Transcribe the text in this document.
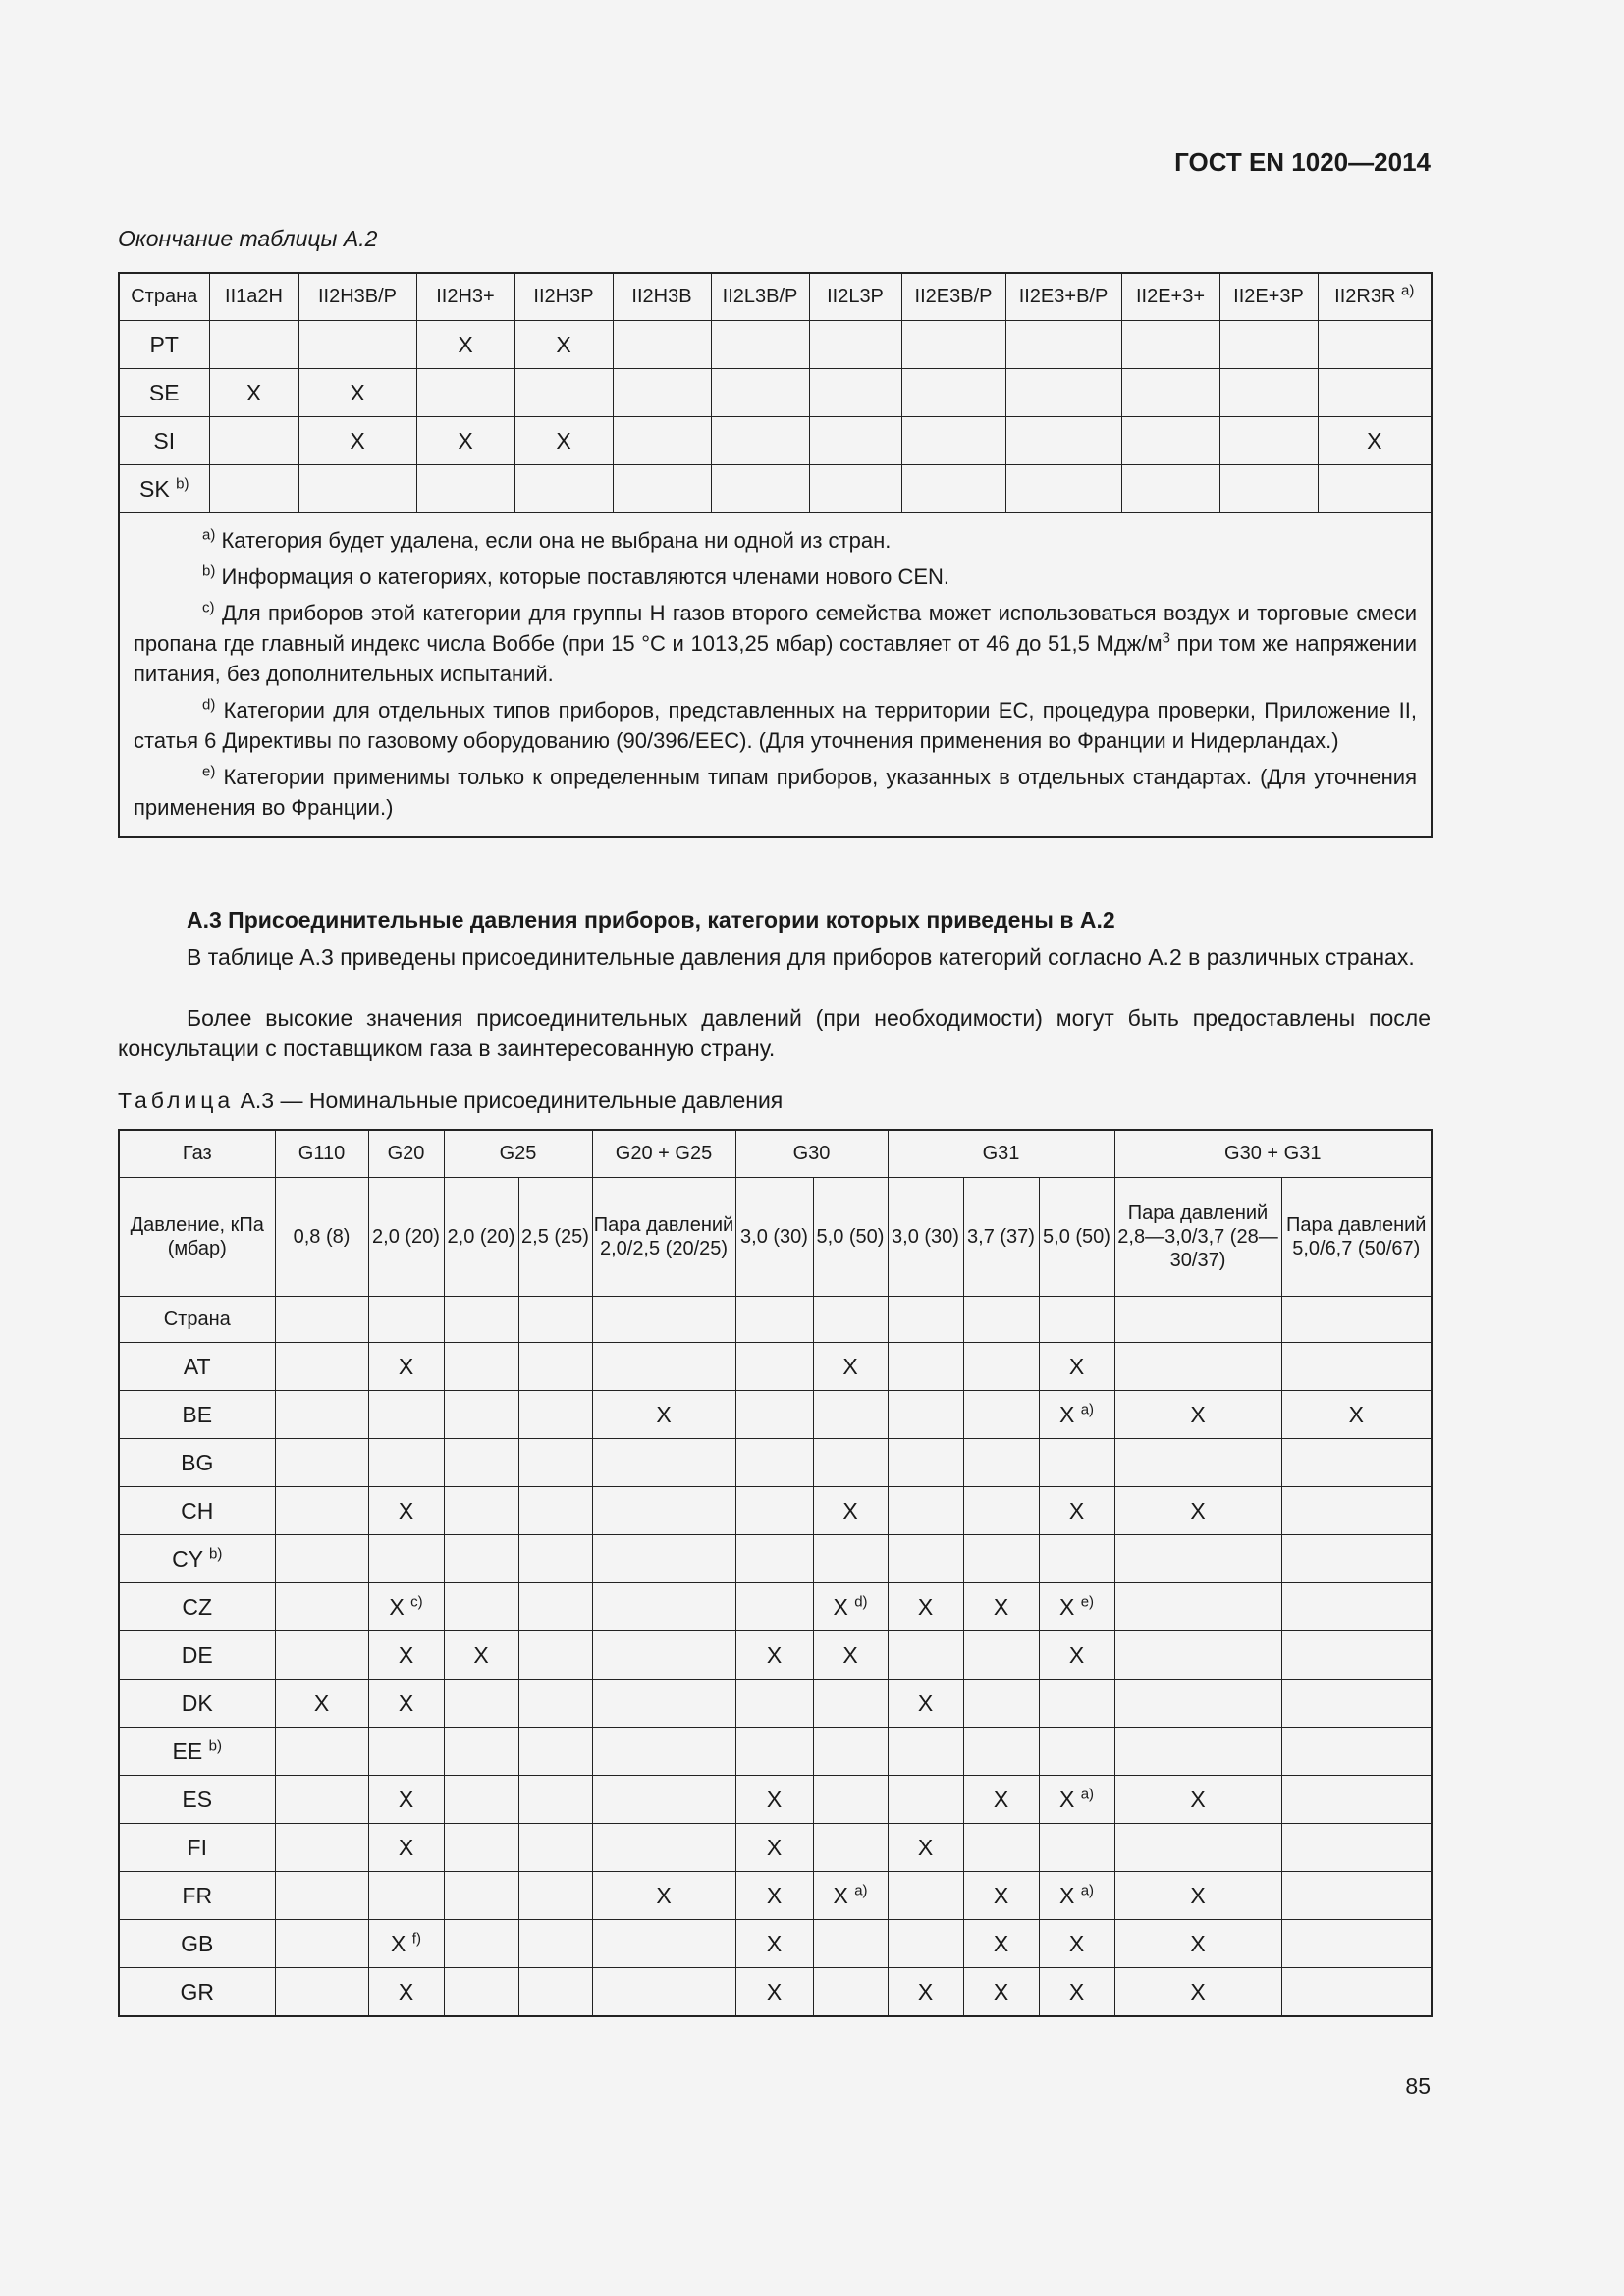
ГОСТ EN 1020—2014
Окончание таблицы А.2
Страна	II1a2H	II2H3B/P	II2H3+	II2H3P	II2H3B	II2L3B/P	II2L3P	II2E3B/P	II2E3+B/P	II2E+3+	II2E+3P	II2R3R $^{a)}$
PT			X	X								
SE	X	X										
SI		X	X	X								X
SK $^{b)}$												

$^{a)}$ Категория будет удалена, если она не выбрана ни одной из стран.
$^{b)}$ Информация о категориях, которые поставляются членами нового CEN.
$^{c)}$ Для приборов этой категории для группы Н газов второго семейства может использоваться воздух и торговые смеси пропана где главный индекс числа Воббе (при 15 °С и 1013,25 мбар) составляет от 46 до 51,5 Мдж/$м^3$ при том же напряжении питания, без дополнительных испытаний.
$^{d)}$ Категории для отдельных типов приборов, представленных на территории ЕС, процедура проверки, Приложение II, статья 6 Директивы по газовому оборудованию (90/396/EEC). (Для уточнения применения во Франции и Нидерландах.)
$^{e)}$ Категории применимы только к определенным типам приборов, указанных в отдельных стандартах. (Для уточнения применения во Франции.)												
А.3 Присоединительные давления приборов, категории которых приведены в А.2
В таблице А.3 приведены присоединительные давления для приборов категорий согласно А.2 в различных странах.
Более высокие значения присоединительных давлений (при необходимости) могут быть предоставлены после консультации с поставщиком газа в заинтересованную страну.
Таблица А.3 — Номинальные присоединительные давления
Газ	G110	G20	G25		G20 + G25	G30		G31			G30 + G31	
Давление, кПа (мбар)	0,8 (8)	2,0 (20)	2,0 (20)	2,5 (25)	Пара давлений 2,0/2,5 (20/25)	3,0 (30)	5,0 (50)	3,0 (30)	3,7 (37)	5,0 (50)	Пара давлений 2,8—3,0/3,7 (28—30/37)	Пара давлений 5,0/6,7 (50/67)
Страна												
AT		X					X			X		
BE					X					X $^{a)}$	X	X
BG												
CH		X					X			X	X	
CY $^{b)}$												
CZ		X $^{c)}$					X $^{d)}$	X	X	X $^{e)}$		
DE		X	X			X	X			X		
DK	X	X						X				
EE $^{b)}$												
ES		X				X			X	X $^{a)}$	X	
FI		X				X		X				
FR					X	X	X $^{a)}$		X	X $^{a)}$	X	
GB		X $^{f)}$				X			X	X	X	
GR		X				X		X	X	X	X	
85
